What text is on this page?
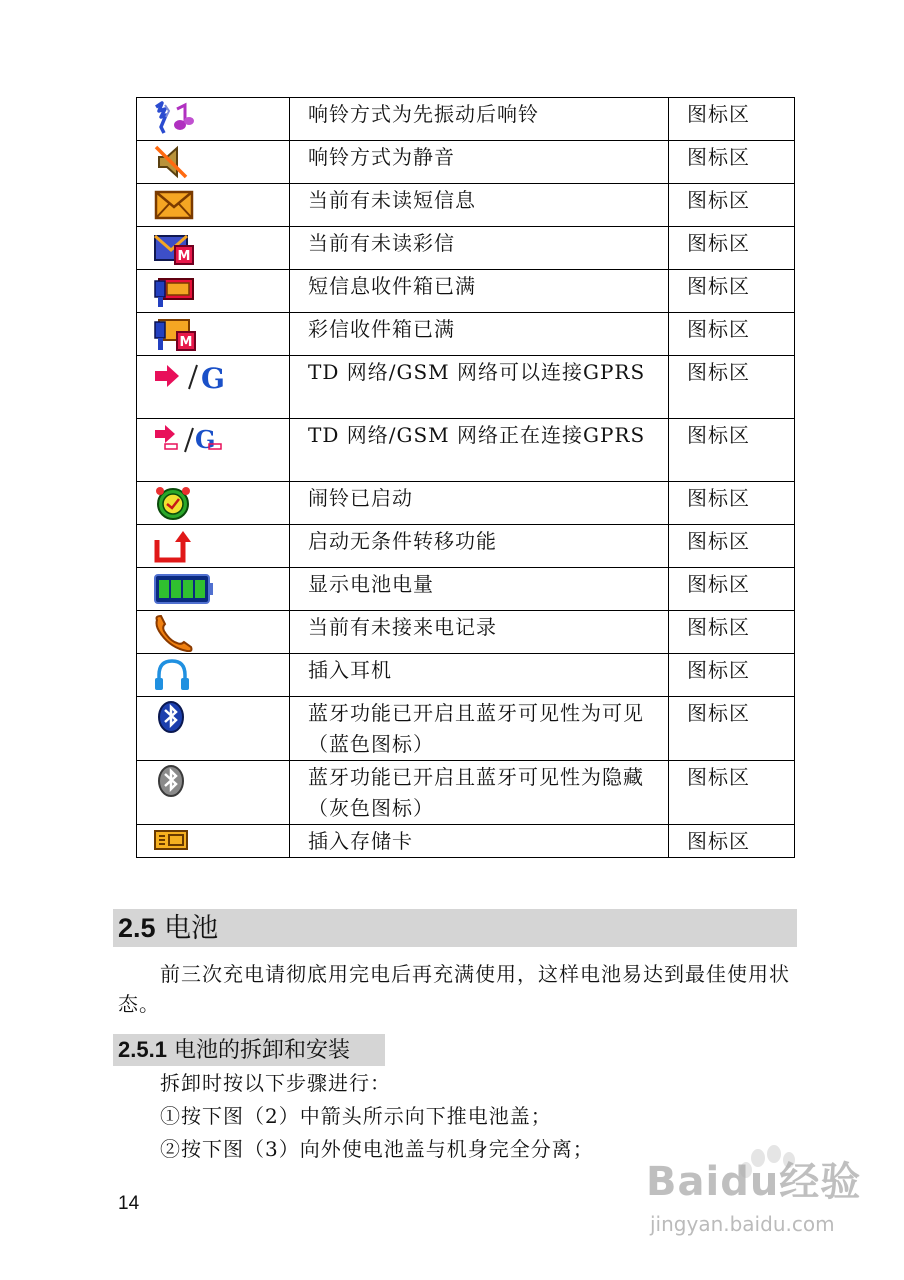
	响铃方式为先振动后响铃	图标区

	响铃方式为静音	图标区

	当前有未读短信息	图标区

M	当前有未读彩信	图标区

	短信息收件箱已满	图标区

M	彩信收件箱已满	图标区

G	TD 网络/GSM 网络可以连接GPRS	图标区

G	TD 网络/GSM 网络正在连接GPRS	图标区

	闹铃已启动	图标区

	启动无条件转移功能	图标区

	显示电池电量	图标区

	当前有未接来电记录	图标区

	插入耳机	图标区

	蓝牙功能已开启且蓝牙可见性为可见（蓝色图标）	图标区

	蓝牙功能已开启且蓝牙可见性为隐藏（灰色图标）	图标区

	插入存储卡	图标区
2.5 电池
前三次充电请彻底用完电后再充满使用，这样电池易达到最佳使用状态。
2.5.1 电池的拆卸和安装
拆卸时按以下步骤进行：
①按下图（2）中箭头所示向下推电池盖；
②按下图（3）向外使电池盖与机身完全分离；
14	Baidu经验
jingyan.baidu.com
